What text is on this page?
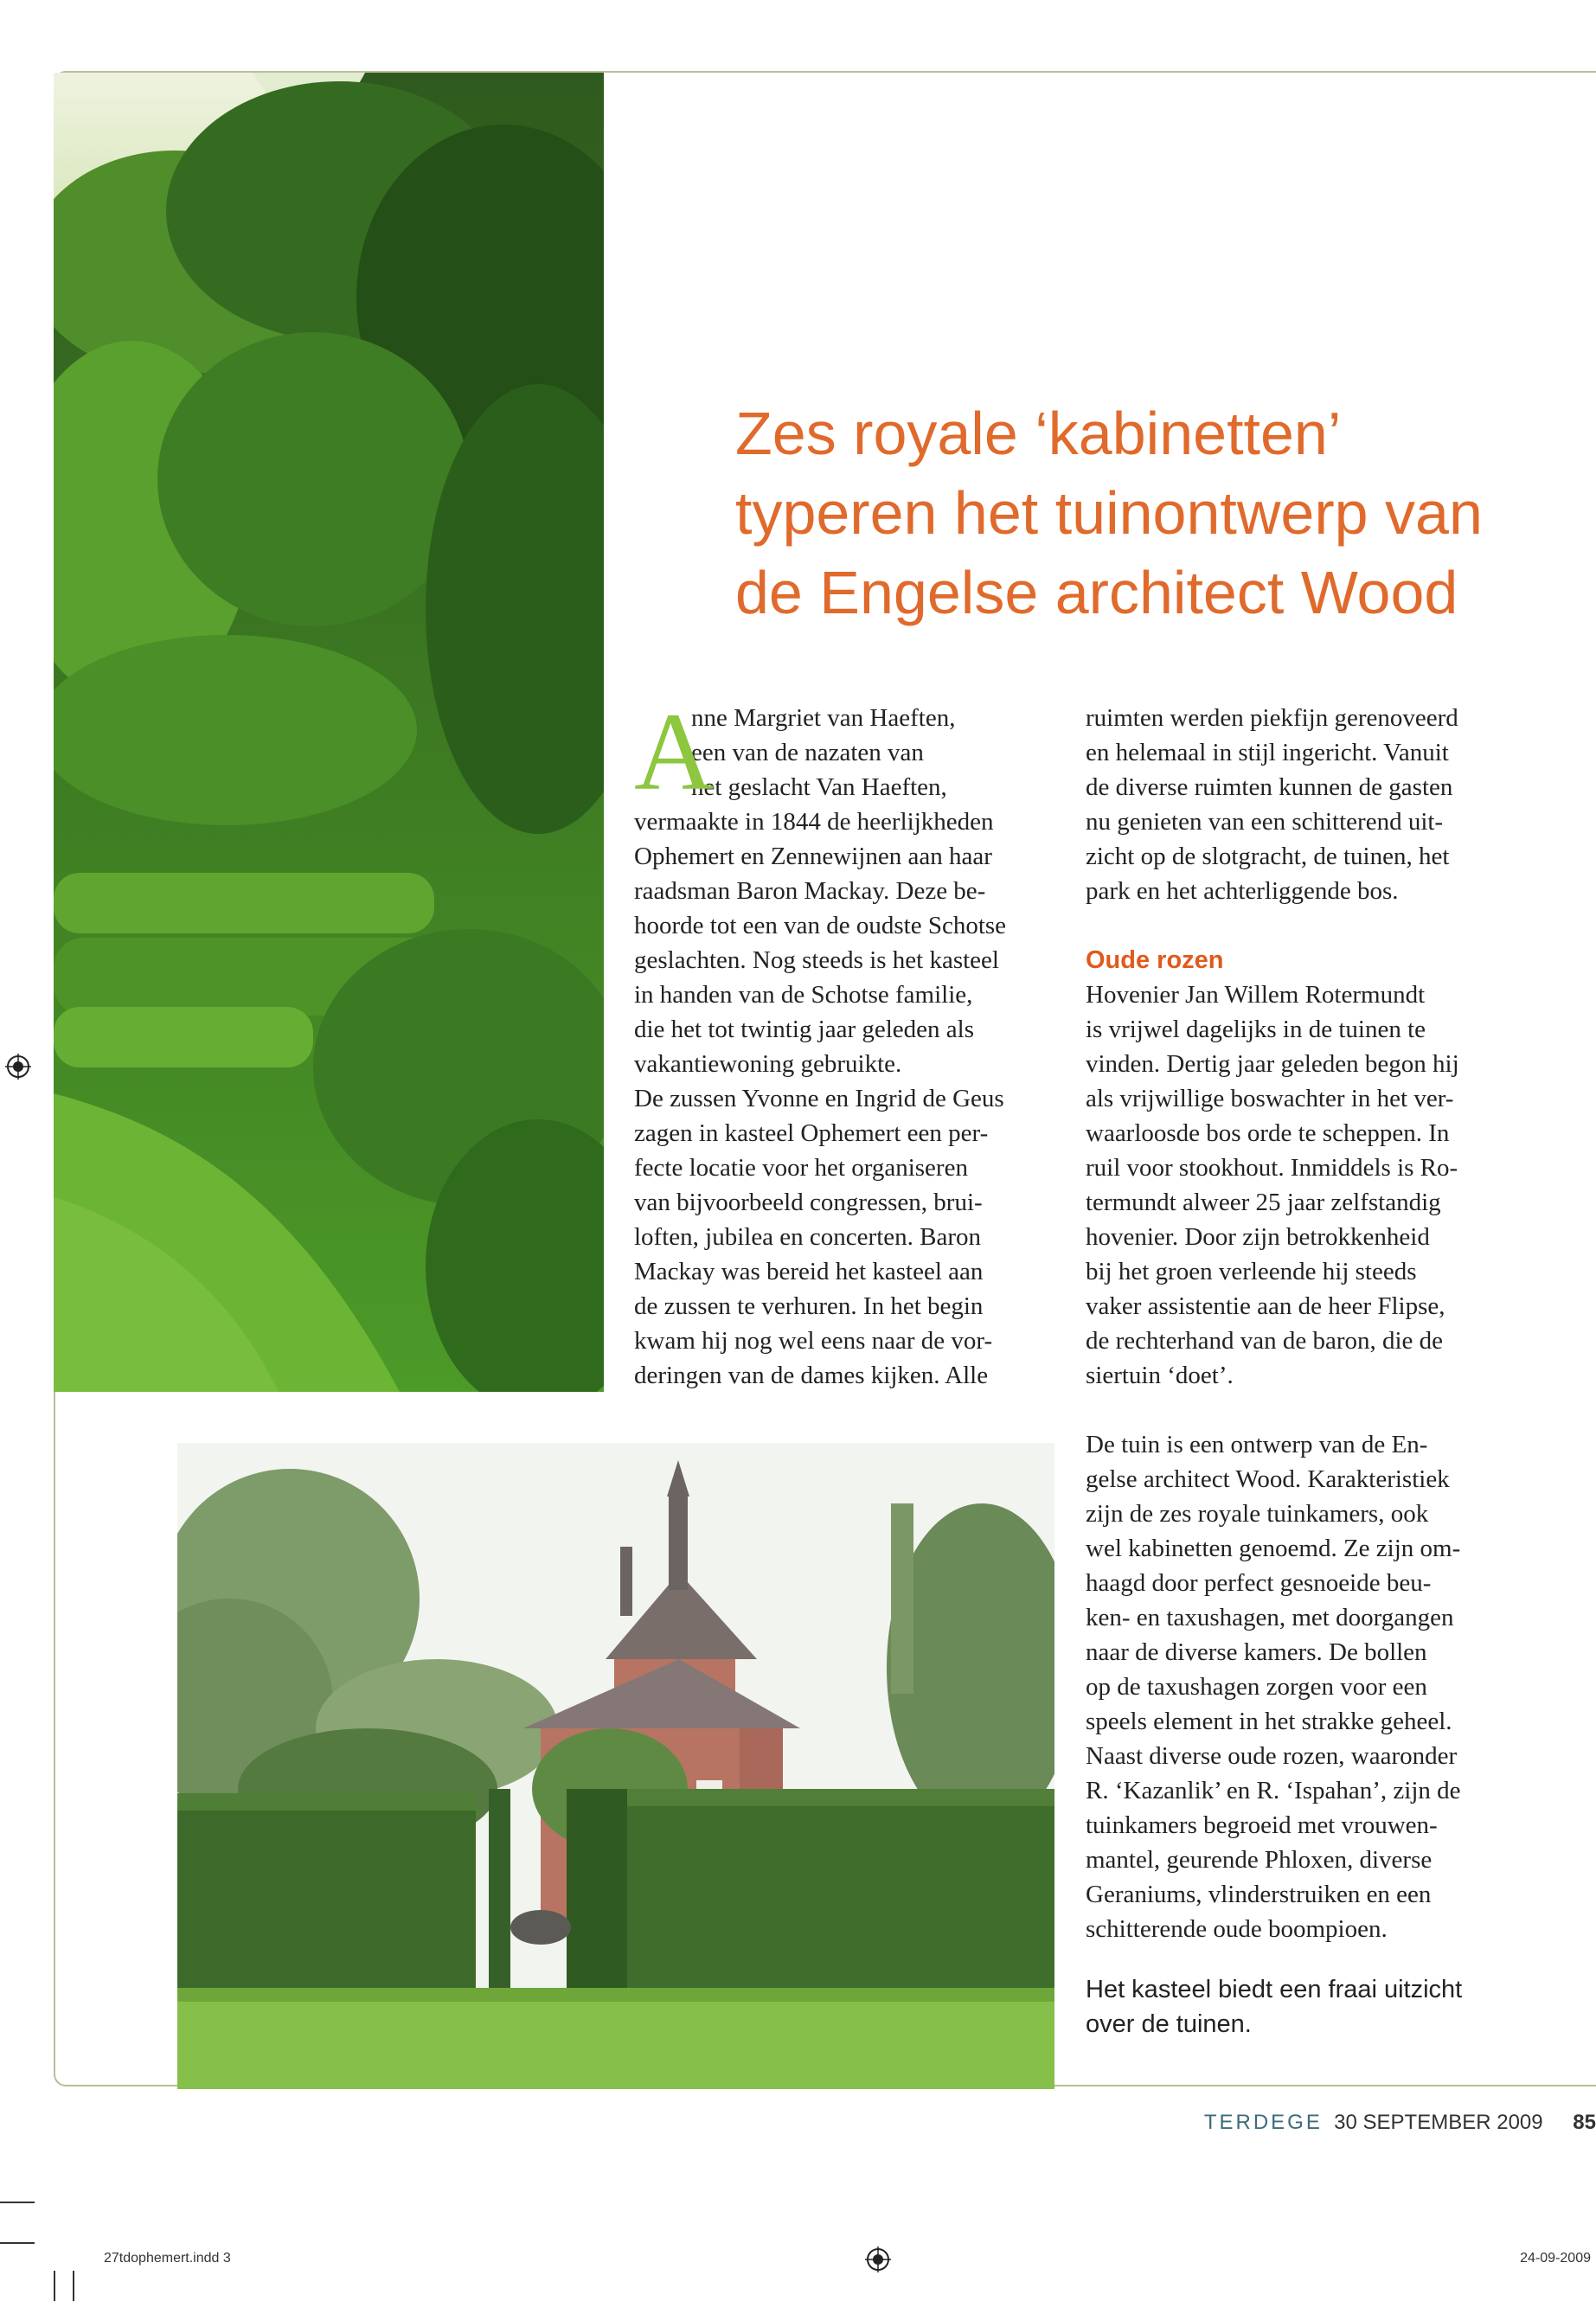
Zes royale ‘kabinetten’
typeren het tuinontwerp van
de Engelse architect Wood
A
nne Margriet van Haeften,
een van de nazaten van
het geslacht Van Haeften,
vermaakte in 1844 de heerlijkheden
Ophemert en Zennewijnen aan haar
raadsman Baron Mackay. Deze be-
hoorde tot een van de oudste Schotse
geslachten. Nog steeds is het kasteel
in handen van de Schotse familie,
die het tot twintig jaar geleden als
vakantiewoning gebruikte.
De zussen Yvonne en Ingrid de Geus
zagen in kasteel Ophemert een per-
fecte locatie voor het organiseren
van bijvoorbeeld congressen, brui-
loften, jubilea en concerten. Baron
Mackay was bereid het kasteel aan
de zussen te verhuren. In het begin
kwam hij nog wel eens naar de vor-
deringen van de dames kijken. Alle
ruimten werden piekfijn gerenoveerd
en helemaal in stijl ingericht. Vanuit
de diverse ruimten kunnen de gasten
nu genieten van een schitterend uit-
zicht op de slotgracht, de tuinen, het
park en het achterliggende bos.
Oude rozen
Hovenier Jan Willem Rotermundt
is vrijwel dagelijks in de tuinen te
vinden. Dertig jaar geleden begon hij
als vrijwillige boswachter in het ver-
waarloosde bos orde te scheppen. In
ruil voor stookhout. Inmiddels is Ro-
termundt alweer 25 jaar zelfstandig
hovenier. Door zijn betrokkenheid
bij het groen verleende hij steeds
vaker assistentie aan de heer Flipse,
de rechterhand van de baron, die de
siertuin ‘doet’.
De tuin is een ontwerp van de En-
gelse architect Wood. Karakteristiek
zijn de zes royale tuinkamers, ook
wel kabinetten genoemd. Ze zijn om-
haagd door perfect gesnoeide beu-
ken- en taxushagen, met doorgangen
naar de diverse kamers. De bollen
op de taxushagen zorgen voor een
speels element in het strakke geheel.
Naast diverse oude rozen, waaronder
R. ‘Kazanlik’ en R. ‘Ispahan’, zijn de
tuinkamers begroeid met vrouwen-
mantel, geurende Phloxen, diverse
Geraniums, vlinderstruiken en een
schitterende oude boompioen.
Het kasteel biedt een fraai uitzicht
over de tuinen.
TERDEGE 30 SEPTEMBER 2009 85
27tdophemert.indd 3	24-09-2009
